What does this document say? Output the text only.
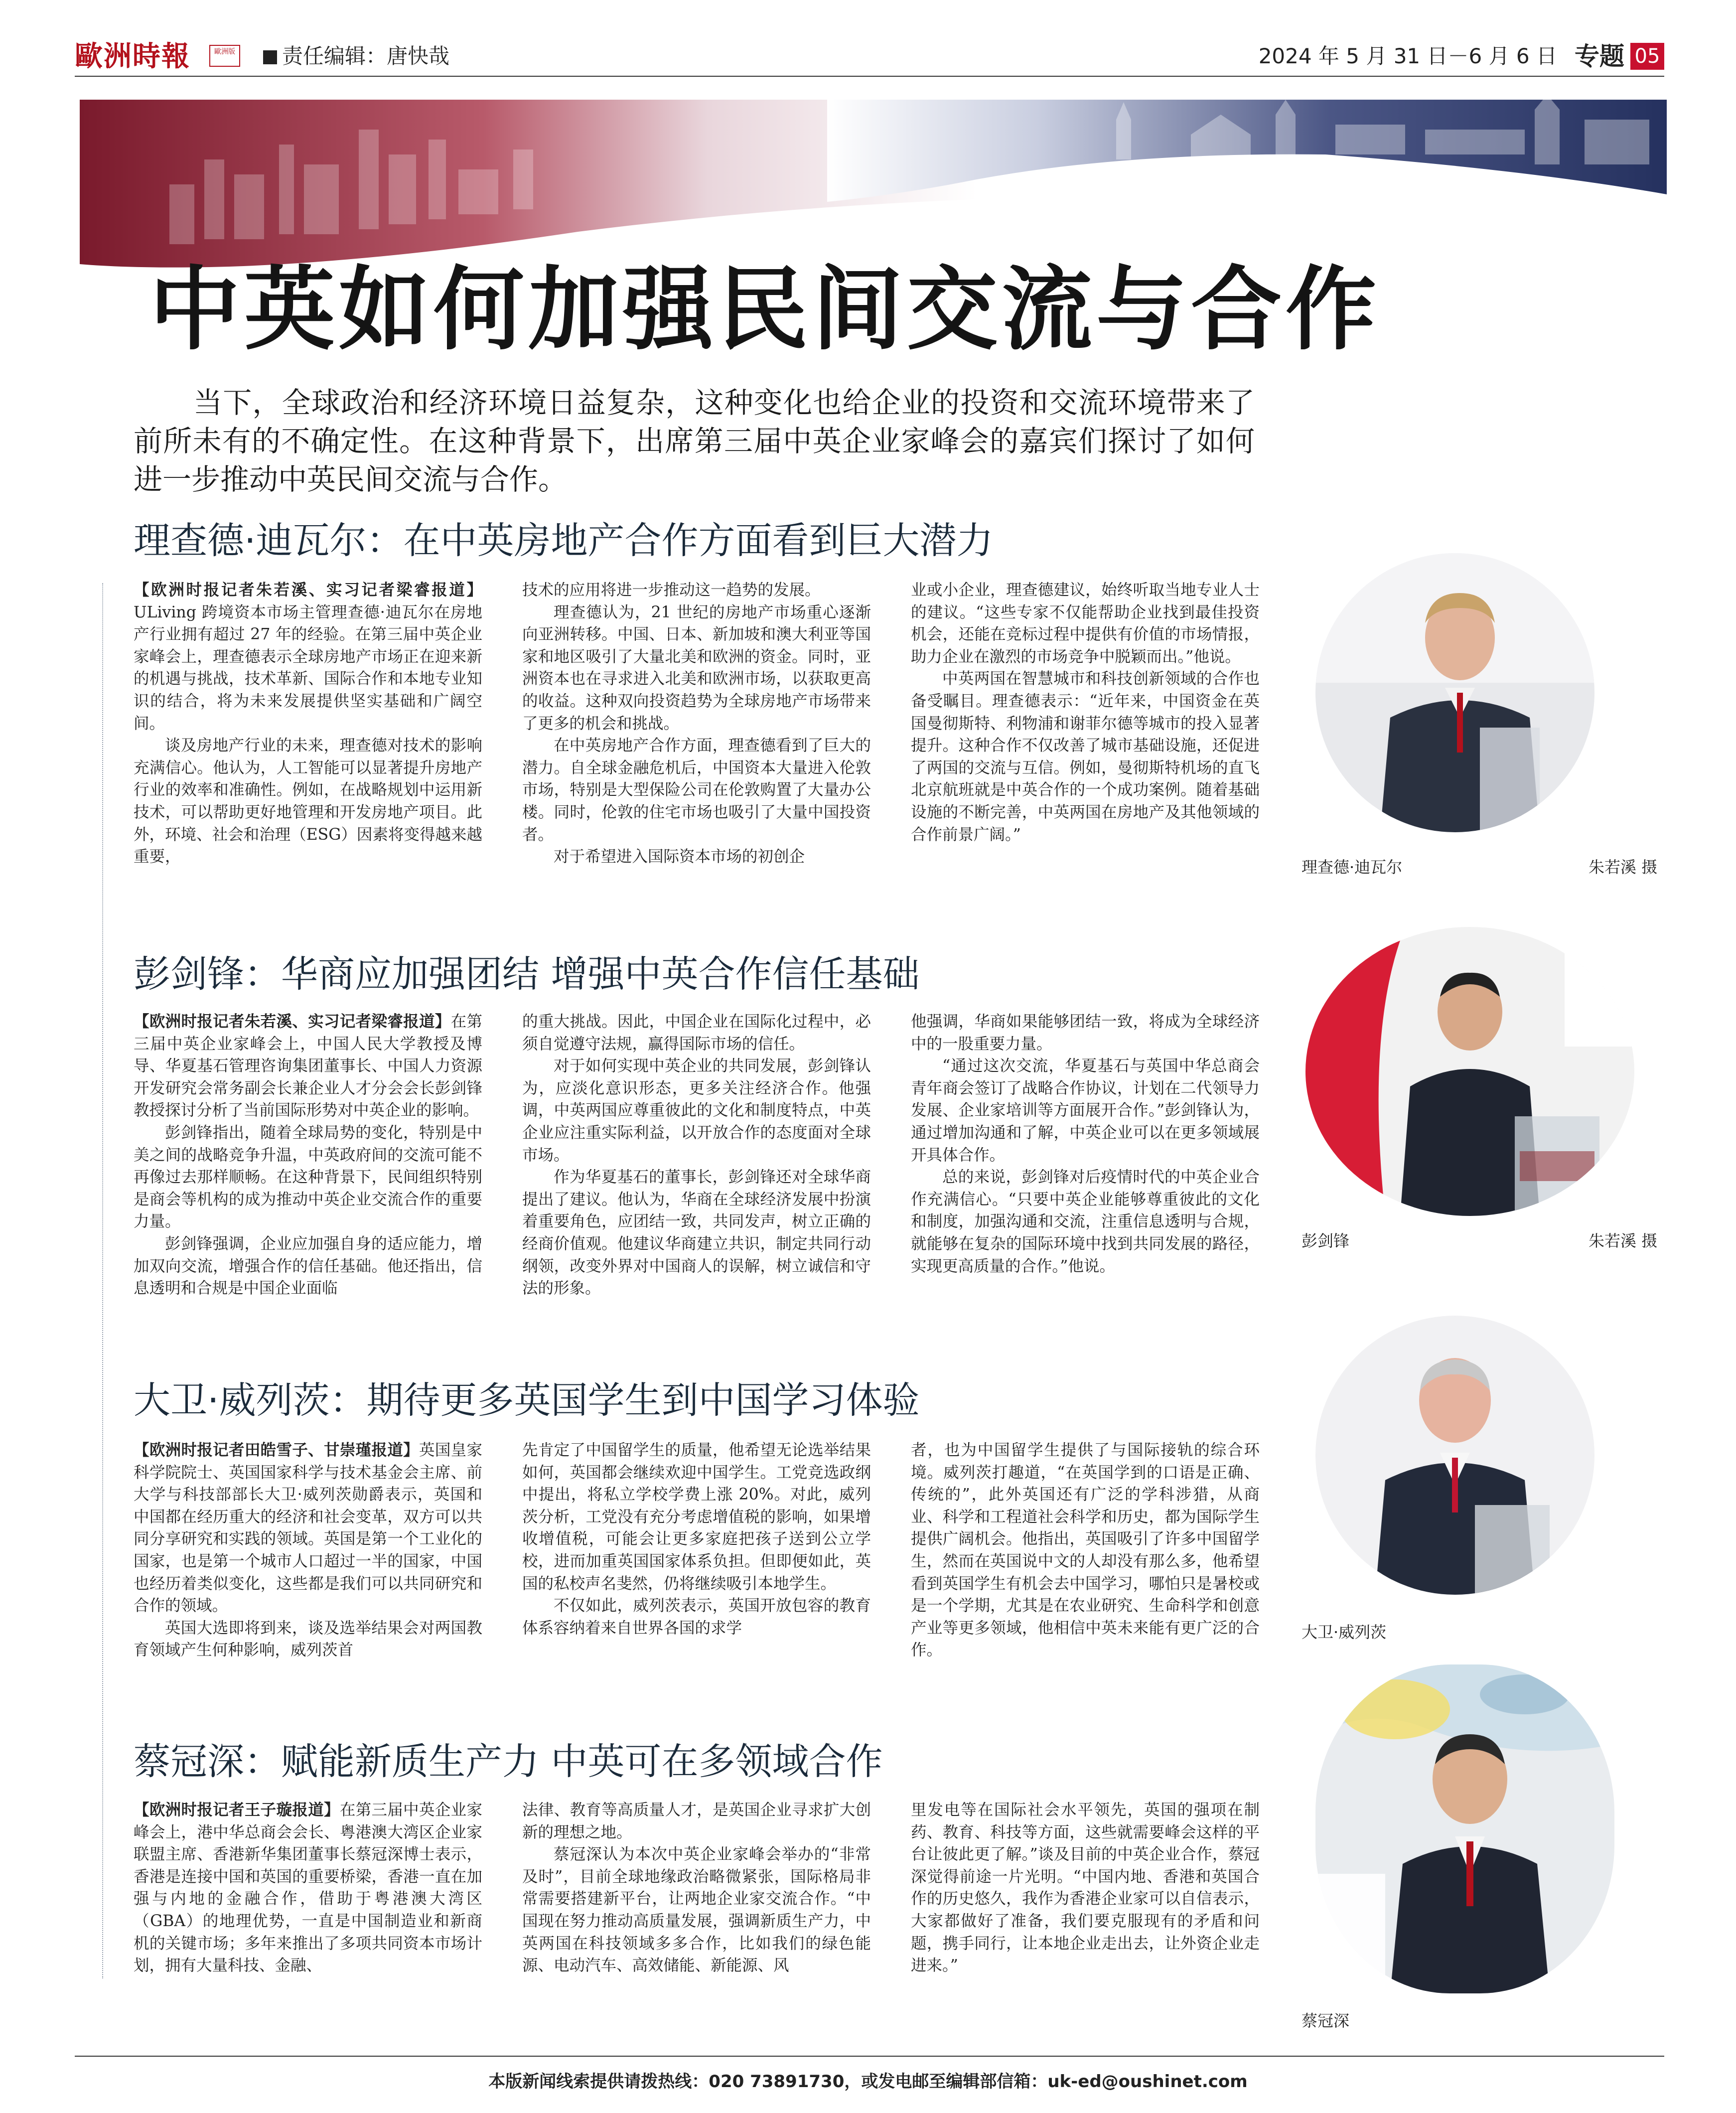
歐洲時報	歐洲版	责任编辑：唐快哉	2024 年 5 月 31 日－6 月 6 日 专题 05
中英如何加强民间交流与合作
当下，全球政治和经济环境日益复杂，这种变化也给企业的投资和交流环境带来了前所未有的不确定性。在这种背景下，出席第三届中英企业家峰会的嘉宾们探讨了如何进一步推动中英民间交流与合作。
理查德·迪瓦尔：在中英房地产合作方面看到巨大潜力

【欧洲时报记者朱若溪、实习记者梁睿报道】ULiving 跨境资本市场主管理查德·迪瓦尔在房地产行业拥有超过 27 年的经验。在第三届中英企业家峰会上，理查德表示全球房地产市场正在迎来新的机遇与挑战，技术革新、国际合作和本地专业知识的结合，将为未来发展提供坚实基础和广阔空间。

谈及房地产行业的未来，理查德对技术的影响充满信心。他认为，人工智能可以显著提升房地产行业的效率和准确性。例如，在战略规划中运用新技术，可以帮助更好地管理和开发房地产项目。此外，环境、社会和治理（ESG）因素将变得越来越重要，

技术的应用将进一步推动这一趋势的发展。

理查德认为，21 世纪的房地产市场重心逐渐向亚洲转移。中国、日本、新加坡和澳大利亚等国家和地区吸引了大量北美和欧洲的资金。同时，亚洲资本也在寻求进入北美和欧洲市场，以获取更高的收益。这种双向投资趋势为全球房地产市场带来了更多的机会和挑战。

在中英房地产合作方面，理查德看到了巨大的潜力。自全球金融危机后，中国资本大量进入伦敦市场，特别是大型保险公司在伦敦购置了大量办公楼。同时，伦敦的住宅市场也吸引了大量中国投资者。

对于希望进入国际资本市场的初创企

业或小企业，理查德建议，始终听取当地专业人士的建议。“这些专家不仅能帮助企业找到最佳投资机会，还能在竞标过程中提供有价值的市场情报，助力企业在激烈的市场竞争中脱颖而出。”他说。

中英两国在智慧城市和科技创新领域的合作也备受瞩目。理查德表示：“近年来，中国资金在英国曼彻斯特、利物浦和谢菲尔德等城市的投入显著提升。这种合作不仅改善了城市基础设施，还促进了两国的交流与互信。例如，曼彻斯特机场的直飞北京航班就是中英合作的一个成功案例。随着基础设施的不断完善，中英两国在房地产及其他领域的合作前景广阔。”

理查德·迪瓦尔	朱若溪 摄
彭剑锋：华商应加强团结 增强中英合作信任基础

【欧洲时报记者朱若溪、实习记者梁睿报道】在第三届中英企业家峰会上，中国人民大学教授及博导、华夏基石管理咨询集团董事长、中国人力资源开发研究会常务副会长兼企业人才分会会长彭剑锋教授探讨分析了当前国际形势对中英企业的影响。

彭剑锋指出，随着全球局势的变化，特别是中美之间的战略竞争升温，中英政府间的交流可能不再像过去那样顺畅。在这种背景下，民间组织特别是商会等机构的成为推动中英企业交流合作的重要力量。

彭剑锋强调，企业应加强自身的适应能力，增加双向交流，增强合作的信任基础。他还指出，信息透明和合规是中国企业面临

的重大挑战。因此，中国企业在国际化过程中，必须自觉遵守法规，赢得国际市场的信任。

对于如何实现中英企业的共同发展，彭剑锋认为，应淡化意识形态，更多关注经济合作。他强调，中英两国应尊重彼此的文化和制度特点，中英企业应注重实际利益，以开放合作的态度面对全球市场。

作为华夏基石的董事长，彭剑锋还对全球华商提出了建议。他认为，华商在全球经济发展中扮演着重要角色，应团结一致，共同发声，树立正确的经商价值观。他建议华商建立共识，制定共同行动纲领，改变外界对中国商人的误解，树立诚信和守法的形象。

他强调，华商如果能够团结一致，将成为全球经济中的一股重要力量。

“通过这次交流，华夏基石与英国中华总商会青年商会签订了战略合作协议，计划在二代领导力发展、企业家培训等方面展开合作。”彭剑锋认为，通过增加沟通和了解，中英企业可以在更多领域展开具体合作。

总的来说，彭剑锋对后疫情时代的中英企业合作充满信心。“只要中英企业能够尊重彼此的文化和制度，加强沟通和交流，注重信息透明与合规，就能够在复杂的国际环境中找到共同发展的路径，实现更高质量的合作。”他说。

彭剑锋	朱若溪 摄
大卫·威列茨：期待更多英国学生到中国学习体验

【欧洲时报记者田皓雪子、甘崇瑾报道】英国皇家科学院院士、英国国家科学与技术基金会主席、前大学与科技部部长大卫·威列茨勋爵表示，英国和中国都在经历重大的经济和社会变革，双方可以共同分享研究和实践的领域。英国是第一个工业化的国家，也是第一个城市人口超过一半的国家，中国也经历着类似变化，这些都是我们可以共同研究和合作的领域。

英国大选即将到来，谈及选举结果会对两国教育领域产生何种影响，威列茨首

先肯定了中国留学生的质量，他希望无论选举结果如何，英国都会继续欢迎中国学生。工党竞选政纲中提出，将私立学校学费上涨 20%。对此，威列茨分析，工党没有充分考虑增值税的影响，如果增收增值税，可能会让更多家庭把孩子送到公立学校，进而加重英国国家体系负担。但即便如此，英国的私校声名斐然，仍将继续吸引本地学生。

不仅如此，威列茨表示，英国开放包容的教育体系容纳着来自世界各国的求学

者，也为中国留学生提供了与国际接轨的综合环境。威列茨打趣道，“在英国学到的口语是正确、传统的”，此外英国还有广泛的学科涉猎，从商业、科学和工程道社会科学和历史，都为国际学生提供广阔机会。他指出，英国吸引了许多中国留学生，然而在英国说中文的人却没有那么多，他希望看到英国学生有机会去中国学习，哪怕只是暑校或是一个学期，尤其是在农业研究、生命科学和创意产业等更多领域，他相信中英未来能有更广泛的合作。

大卫·威列茨
蔡冠深：赋能新质生产力 中英可在多领域合作

【欧洲时报记者王子璇报道】在第三届中英企业家峰会上，港中华总商会会长、粤港澳大湾区企业家联盟主席、香港新华集团董事长蔡冠深博士表示，香港是连接中国和英国的重要桥梁，香港一直在加强与内地的金融合作，借助于粤港澳大湾区（GBA）的地理优势，一直是中国制造业和新商机的关键市场；多年来推出了多项共同资本市场计划，拥有大量科技、金融、

法律、教育等高质量人才，是英国企业寻求扩大创新的理想之地。

蔡冠深认为本次中英企业家峰会举办的“非常及时”，目前全球地缘政治略微紧张，国际格局非常需要搭建新平台，让两地企业家交流合作。“中国现在努力推动高质量发展，强调新质生产力，中英两国在科技领域多多合作，比如我们的绿色能源、电动汽车、高效储能、新能源、风

里发电等在国际社会水平领先，英国的强项在制药、教育、科技等方面，这些就需要峰会这样的平台让彼此更了解。”谈及目前的中英企业合作，蔡冠深觉得前途一片光明。“中国内地、香港和英国合作的历史悠久，我作为香港企业家可以自信表示，大家都做好了准备，我们要克服现有的矛盾和问题，携手同行，让本地企业走出去，让外资企业走进来。”

蔡冠深
本版新闻线索提供请拨热线：020 73891730，或发电邮至编辑部信箱：uk-ed@oushinet.com
